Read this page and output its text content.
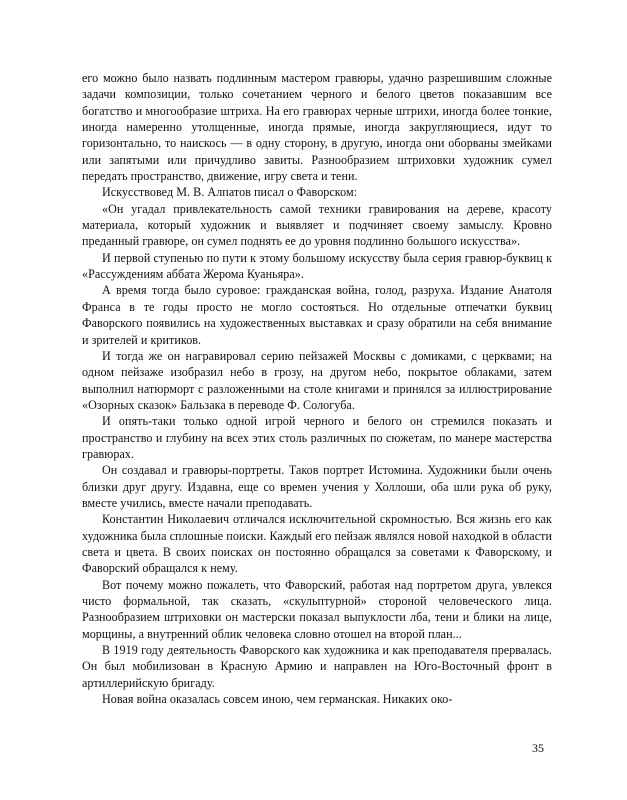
его можно было назвать подлинным мастером гравюры, удачно разрешившим сложные задачи композиции, только сочетанием черного и белого цветов показавшим все богатство и многообразие штриха. На его гравюрах черные штрихи, иногда более тонкие, иногда намеренно утолщенные, иногда прямые, иногда закругляющиеся, идут то горизонтально, то наискось — в одну сторону, в другую, иногда они оборваны змейками или запятыми или причудливо завиты. Разнообразием штриховки художник сумел передать пространство, движение, игру света и тени.

Искусствовед М. В. Алпатов писал о Фаворском:

«Он угадал привлекательность самой техники гравирования на дереве, красоту материала, который художник и выявляет и подчиняет своему замыслу. Кровно преданный гравюре, он сумел поднять ее до уровня подлинно большого искусства».

И первой ступенью по пути к этому большому искусству была серия гравюр-буквиц к «Рассуждениям аббата Жерома Куаньяра».

А время тогда было суровое: гражданская война, голод, разруха. Издание Анатоля Франса в те годы просто не могло состояться. Но отдельные отпечатки буквиц Фаворского появились на художественных выставках и сразу обратили на себя внимание и зрителей и критиков.

И тогда же он награвировал серию пейзажей Москвы с домиками, с церквами; на одном пейзаже изобразил небо в грозу, на другом небо, покрытое облаками, затем выполнил натюрморт с разложенными на столе книгами и принялся за иллюстрирование «Озорных сказок» Бальзака в переводе Ф. Сологуба.

И опять-таки только одной игрой черного и белого он стремился показать и пространство и глубину на всех этих столь различных по сюжетам, по манере мастерства гравюрах.

Он создавал и гравюры-портреты. Таков портрет Истомина. Художники были очень близки друг другу. Издавна, еще со времен учения у Холлоши, оба шли рука об руку, вместе учились, вместе начали преподавать.

Константин Николаевич отличался исключительной скромностью. Вся жизнь его как художника была сплошные поиски. Каждый его пейзаж являлся новой находкой в области света и цвета. В своих поисках он постоянно обращался за советами к Фаворскому, и Фаворский обращался к нему.

Вот почему можно пожалеть, что Фаворский, работая над портретом друга, увлекся чисто формальной, так сказать, «скульптурной» стороной человеческого лица. Разнообразием штриховки он мастерски показал выпуклости лба, тени и блики на лице, морщины, а внутренний облик человека словно отошел на второй план...

В 1919 году деятельность Фаворского как художника и как преподавателя прервалась. Он был мобилизован в Красную Армию и направлен на Юго-Восточный фронт в артиллерийскую бригаду.

Новая война оказалась совсем иною, чем германская. Никаких око-

35
